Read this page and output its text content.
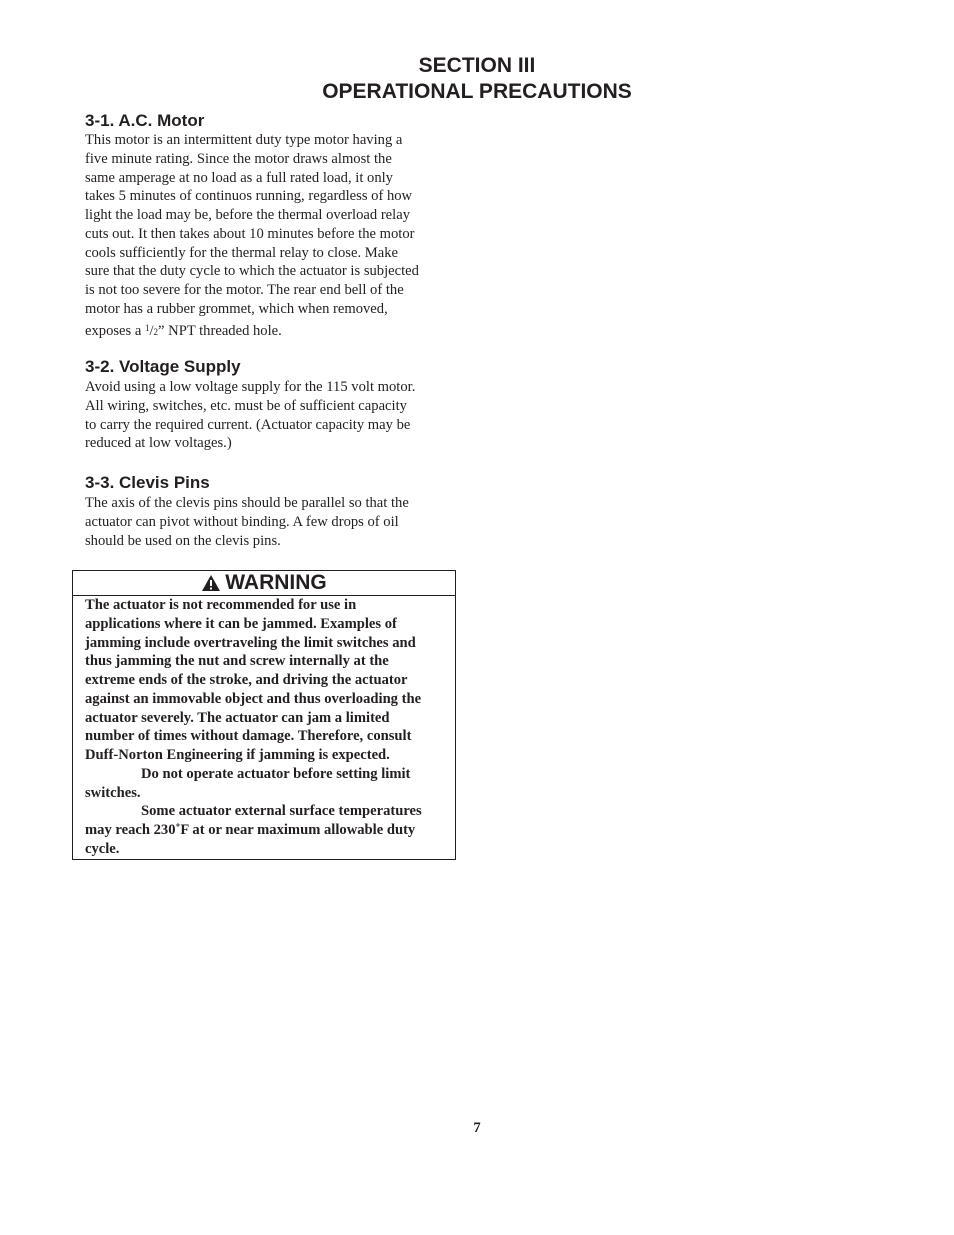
SECTION III
OPERATIONAL PRECAUTIONS
3-1. A.C. Motor

This motor is an intermittent duty type motor having a
five minute rating. Since the motor draws almost the
same amperage at no load as a full rated load, it only
takes 5 minutes of continuos running, regardless of how
light the load may be, before the thermal overload relay
cuts out. It then takes about 10 minutes before the motor
cools sufficiently for the thermal relay to close. Make
sure that the duty cycle to which the actuator is subjected
is not too severe for the motor. The rear end bell of the
motor has a rubber grommet, which when removed,
exposes a $^1$/2” NPT threaded hole.

3-2. Voltage Supply

Avoid using a low voltage supply for the 115 volt motor.
All wiring, switches, etc. must be of sufficient capacity
to carry the required current. (Actuator capacity may be
reduced at low voltages.)

3-3. Clevis Pins

The axis of the clevis pins should be parallel so that the
actuator can pivot without binding. A few drops of oil
should be used on the clevis pins.

WARNING
The actuator is not recommended for use in
applications where it can be jammed. Examples of
jamming include overtraveling the limit switches and
thus jamming the nut and screw internally at the
extreme ends of the stroke, and driving the actuator
against an immovable object and thus overloading the
actuator severely. The actuator can jam a limited
number of times without damage. Therefore, consult
Duff-Norton Engineering if jamming is expected.
Do not operate actuator before setting limit
switches.
Some actuator external surface temperatures
may reach 230˚F at or near maximum allowable duty
cycle.
7
